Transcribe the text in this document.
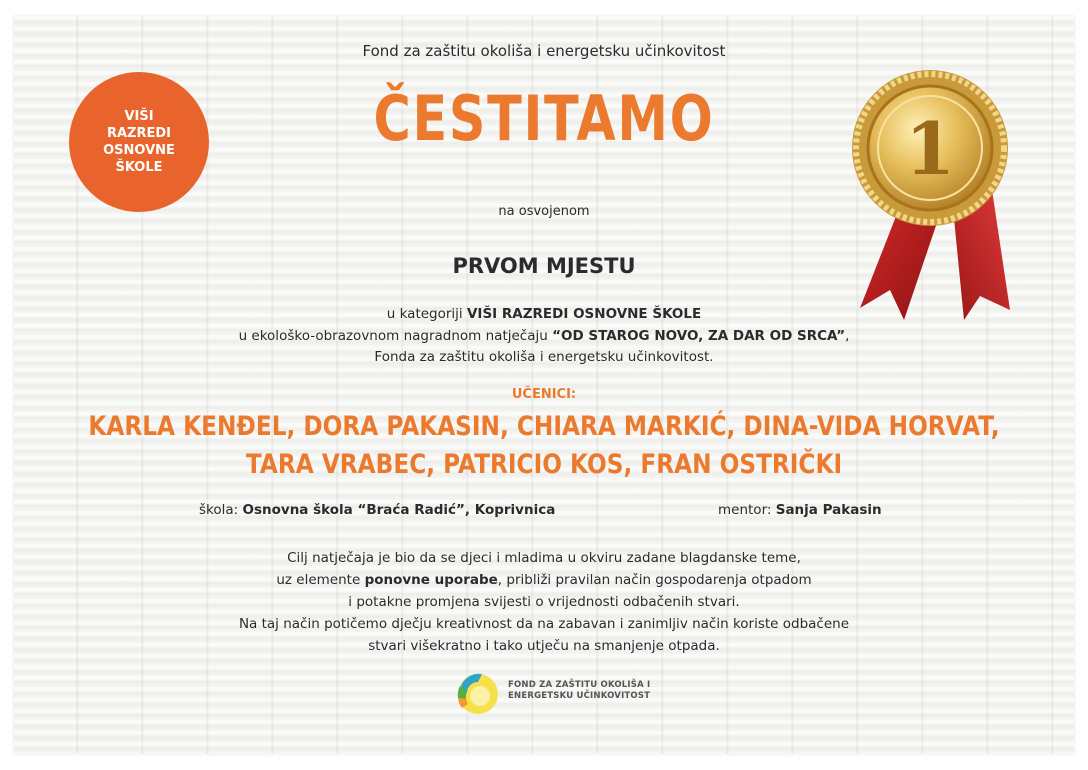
VIŠI
RAZREDI
OSNOVNE
ŠKOLE	1
Fond za zaštitu okoliša i energetsku učinkovitost
ČESTITAMO
na osvojenom
PRVOM MJESTU
u kategoriji VIŠI RAZREDI OSNOVNE ŠKOLE
u ekološko-obrazovnom nagradnom natječaju “OD STAROG NOVO, ZA DAR OD SRCA”,
Fonda za zaštitu okoliša i energetsku učinkovitost.
UČENICI:
KARLA KENĐEL, DORA PAKASIN, CHIARA MARKIĆ, DINA-VIDA HORVAT,
TARA VRABEC, PATRICIO KOS, FRAN OSTRIČKI
škola: Osnovna škola “Braća Radić”, Koprivnica	mentor: Sanja Pakasin
Cilj natječaja je bio da se djeci i mladima u okviru zadane blagdanske teme,
uz elemente ponovne uporabe, približi pravilan način gospodarenja otpadom
i potakne promjena svijesti o vrijednosti odbačenih stvari.
Na taj način potičemo dječju kreativnost da na zabavan i zanimljiv način koriste odbačene
stvari višekratno i tako utječu na smanjenje otpada.
FOND ZA ZAŠTITU OKOLIŠA I
ENERGETSKU UČINKOVITOST
